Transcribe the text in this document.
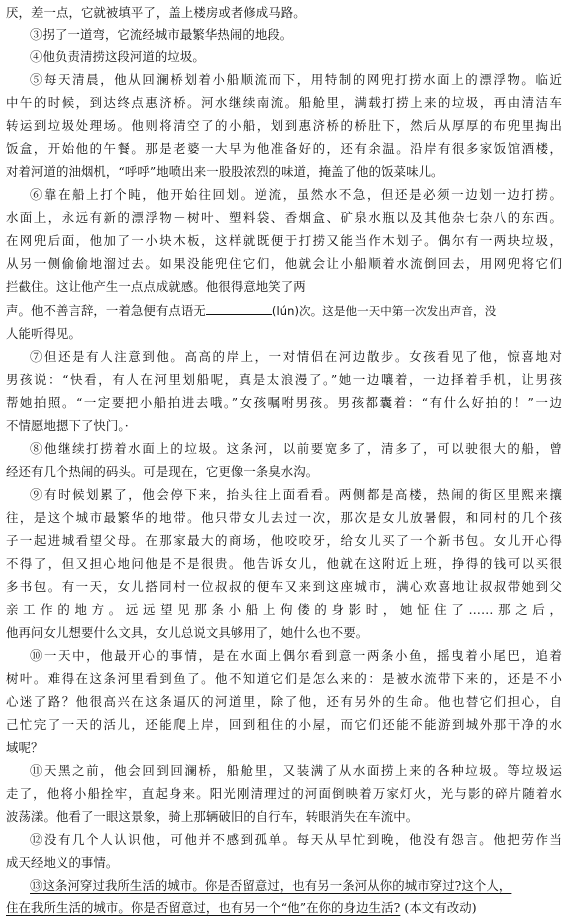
厌，差一点，它就被填平了，盖上楼房或者修成马路。
③拐了一道弯，它流经城市最繁华热闹的地段。
④他负责清捞这段河道的垃圾。
⑤每天清晨，他从回澜桥划着小船顺流而下，用特制的网兜打捞水面上的漂浮物。临近
中午的时候，到达终点惠济桥。河水继续南流。船舱里，满载打捞上来的垃圾，再由清洁车
转运到垃圾处理场。他则将清空了的小船，划到惠济桥的桥肚下，然后从厚厚的布兜里掏出
饭盒，开始他的午餐。那是老婆一大早为他准备好的，还有余温。沿岸有很多家饭馆酒楼，
对着河道的油烟机，“呼呼”地喷出来一股股浓烈的味道，掩盖了他的饭菜味儿。
⑥靠在船上打个盹，他开始往回划。逆流，虽然水不急，但还是必须一边划一边打捞。
水面上，永远有新的漂浮物－树叶、塑料袋、香烟盒、矿泉水瓶以及其他杂七杂八的东西。
在网兜后面，他加了一小块木板，这样就既便于打捞又能当作木划子。偶尔有一两块垃圾，
从另一侧偷偷地溜过去。如果没能兜住它们，他就会让小船顺着水流倒回去，用网兜将它们
拦截住。这让他产生一点点成就感。他很得意地笑了两
声。他不善言辞，一着急便有点语无	(lún)次。这是他一天中第一次发出声音，没
人能听得见。
⑦但还是有人注意到他。高高的岸上，一对情侣在河边散步。女孩看见了他，惊喜地对
男孩说：“快看，有人在河里划船呢，真是太浪漫了。”她一边嚷着，一边择着手机，让男孩
帮她拍照。“一定要把小船拍进去哦。”女孩嘱咐男孩。男孩都囊着：“有什么好拍的！”一边
不情愿地摁下了快门。·
⑧他继续打捞着水面上的垃圾。这条河，以前要宽多了，清多了，可以驶很大的船，曾
经还有几个热闹的码头。可是现在，它更像一条臭水沟。
⑨有时候划累了，他会停下来，抬头往上面看看。两侧都是高楼，热闹的街区里熙来攘
往，是这个城市最繁华的地带。他只带女儿去过一次，那次是女儿放暑假，和同村的几个孩
子一起进城看望父母。在那家最大的商场，他咬咬牙，给女儿买了一个新书包。女儿开心得
不得了，但又担心地问他是不是很贵。他告诉女儿，他就在这附近上班，挣得的钱可以买很
多书包。有一天，女儿搭同村一位叔叔的便车又来到这座城市，满心欢喜地让叔叔带她到父
亲工作的地方。远远望见那条小船上佝偻的身影时，她怔住了……那之后，
他再问女儿想要什么文具，女儿总说文具够用了，她什么也不要。
⑩一天中，他最开心的事情，是在水面上偶尔看到意一两条小鱼，摇曳着小尾巴，追着
树叶。难得在这条河里看到鱼了。他不知道它们是怎么来的：是被水流带下来的，还是不小
心迷了路？他很高兴在这条逼仄的河道里，除了他，还有另外的生命。他也替它们担心，自
己忙完了一天的活儿，还能爬上岸，回到租住的小屋，而它们还能不能游到城外那干净的水
域呢？
⑪天黑之前，他会回到回澜桥，船舱里，又装满了从水面捞上来的各种垃圾。等垃圾运
走了，他将小船拴牢，直起身来。阳光刚清理过的河面倒映着万家灯火，光与影的碎片随着水
波荡漾。他看了一眼这景象，骑上那辆破旧的自行车，转眼消失在车流中。
⑫没有几个人认识他，可他并不感到孤单。每天从早忙到晚，他没有怨言。他把劳作当
成天经地义的事情。
⑬这条河穿过我所生活的城市。你是否留意过，也有另一条河从你的城市穿过?这个人，
住在我所生活的城市。你是否留意过，也有另一个“他”在你的身边生活? (本文有改动)
